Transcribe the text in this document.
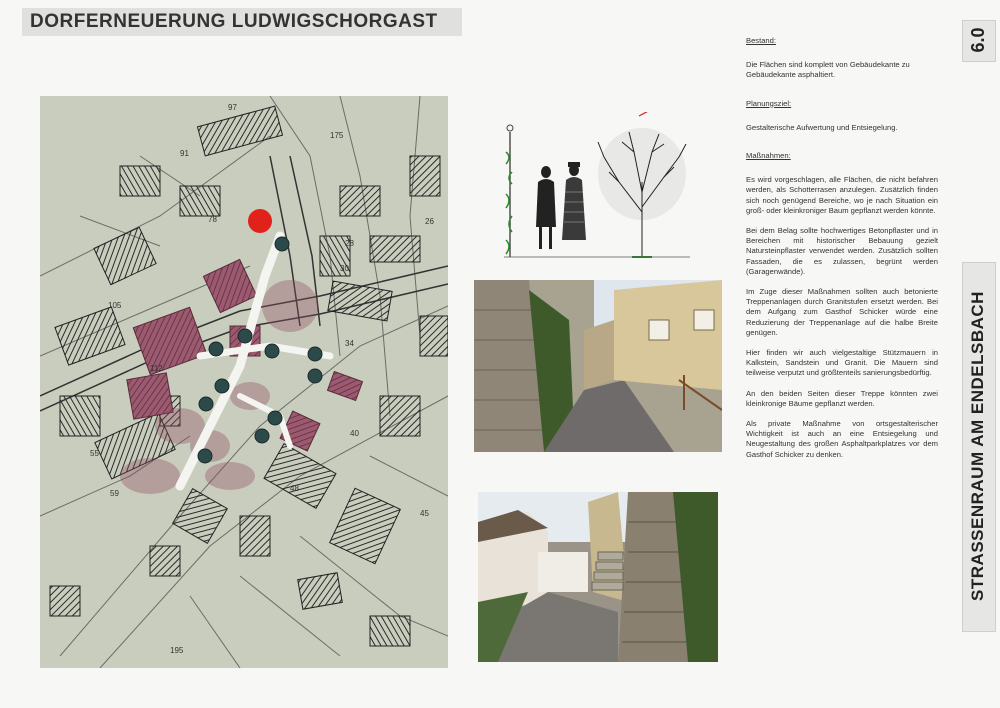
DORFERNEUERUNG LUDWIGSCHORGAST
6.0
STRASSENRAUM AM ENDELSBACH
97
91
78	26
28
30
34
40
48
45
55
59
195
105
112
175
Bestand:

Die Flächen sind komplett von Gebäudekante zu Gebäudekante asphaltiert.

Planungsziel:

Gestalterische Aufwertung und Entsiegelung.

Maßnahmen:

Es wird vorgeschlagen, alle Flächen, die nicht befahren werden, als Schotterrasen anzulegen. Zusätzlich finden sich noch genügend Bereiche, wo je nach Situation ein groß- oder kleinkroniger Baum gepflanzt werden könnte.

Bei dem Belag sollte hochwertiges Betonpflaster und in Bereichen mit historischer Bebauung gezielt Natursteinpflaster verwendet werden. Zusätzlich sollten Fassaden, die es zulassen, begrünt werden (Garagenwände).

Im Zuge dieser Maßnahmen sollten auch betonierte Treppenanlagen durch Granitstufen ersetzt werden. Bei dem Aufgang zum Gasthof Schicker würde eine Reduzierung der Treppenanlage auf die halbe Breite genügen.

Hier finden wir auch vielgestaltige Stützmauern in Kalkstein, Sandstein und Granit. Die Mauern sind teilweise verputzt und größtenteils sanierungsbedürftig.

An den beiden Seiten dieser Treppe könnten zwei kleinkronige Bäume gepflanzt werden.

Als private Maßnahme von ortsgestalterischer Wichtigkeit ist auch an eine Entsiegelung und Neugestaltung des großen Asphaltparkplatzes vor dem Gasthof Schicker zu denken.
